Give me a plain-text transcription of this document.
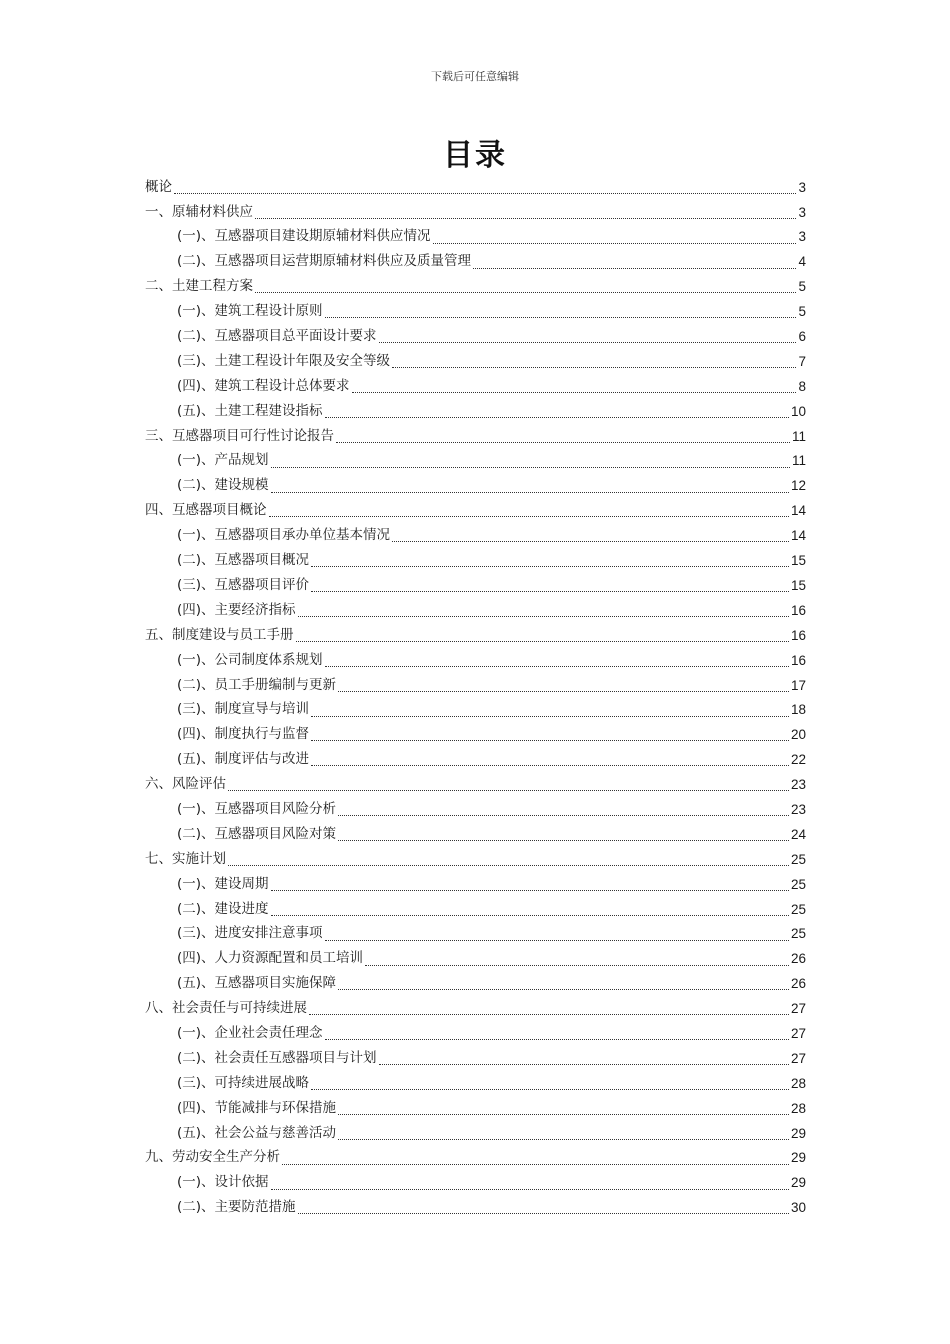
下载后可任意编辑
目录
概论	3
一、原辅材料供应	3
(一)、互感器项目建设期原辅材料供应情况	3
(二)、互感器项目运营期原辅材料供应及质量管理	4
二、土建工程方案	5
(一)、建筑工程设计原则	5
(二)、互感器项目总平面设计要求	6
(三)、土建工程设计年限及安全等级	7
(四)、建筑工程设计总体要求	8
(五)、土建工程建设指标	10
三、互感器项目可行性讨论报告	11
(一)、产品规划	11
(二)、建设规模	12
四、互感器项目概论	14
(一)、互感器项目承办单位基本情况	14
(二)、互感器项目概况	15
(三)、互感器项目评价	15
(四)、主要经济指标	16
五、制度建设与员工手册	16
(一)、公司制度体系规划	16
(二)、员工手册编制与更新	17
(三)、制度宣导与培训	18
(四)、制度执行与监督	20
(五)、制度评估与改进	22
六、风险评估	23
(一)、互感器项目风险分析	23
(二)、互感器项目风险对策	24
七、实施计划	25
(一)、建设周期	25
(二)、建设进度	25
(三)、进度安排注意事项	25
(四)、人力资源配置和员工培训	26
(五)、互感器项目实施保障	26
八、社会责任与可持续进展	27
(一)、企业社会责任理念	27
(二)、社会责任互感器项目与计划	27
(三)、可持续进展战略	28
(四)、节能减排与环保措施	28
(五)、社会公益与慈善活动	29
九、劳动安全生产分析	29
(一)、设计依据	29
(二)、主要防范措施	30
